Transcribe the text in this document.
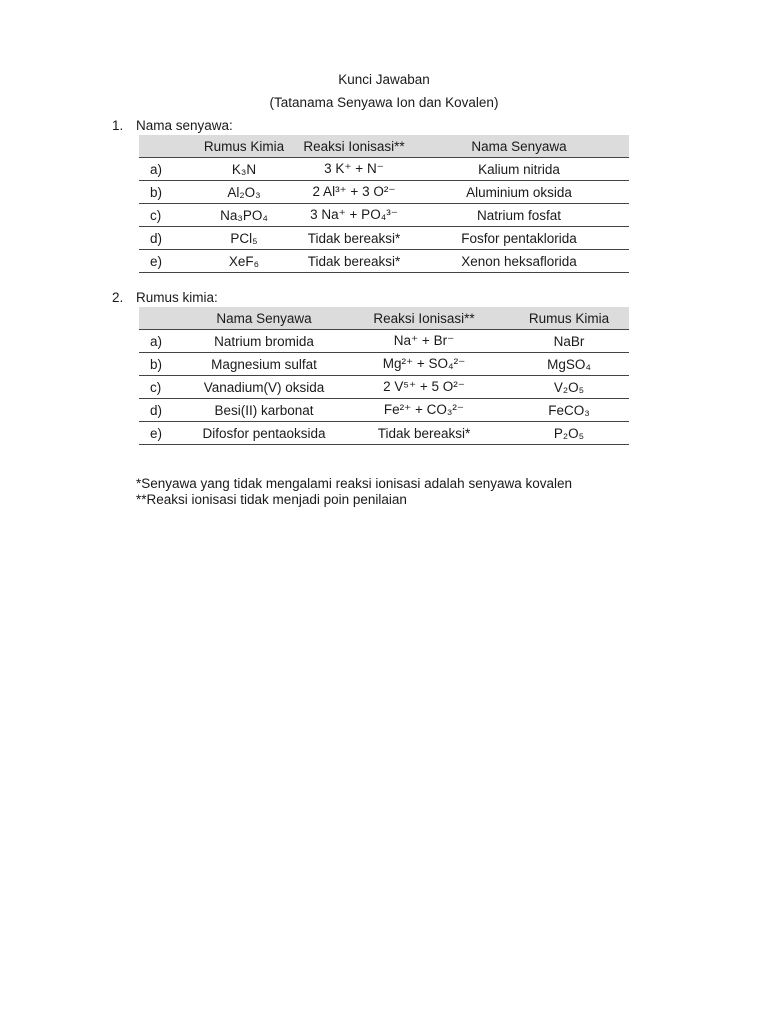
Kunci Jawaban
(Tatanama Senyawa Ion dan Kovalen)
1. Nama senyawa:
	Rumus Kimia	Reaksi Ionisasi**	Nama Senyawa
a)	K₃N	3 K⁺ + N⁻	Kalium nitrida
b)	Al₂O₃	2 Al³⁺ + 3 O²⁻	Aluminium oksida
c)	Na₃PO₄	3 Na⁺ + PO₄³⁻	Natrium fosfat
d)	PCl₅	Tidak bereaksi*	Fosfor pentaklorida
e)	XeF₆	Tidak bereaksi*	Xenon heksaflorida
2. Rumus kimia:
	Nama Senyawa	Reaksi Ionisasi**	Rumus Kimia
a)	Natrium bromida	Na⁺ + Br⁻	NaBr
b)	Magnesium sulfat	Mg²⁺ + SO₄²⁻	MgSO₄
c)	Vanadium(V) oksida	2 V⁵⁺ + 5 O²⁻	V₂O₅
d)	Besi(II) karbonat	Fe²⁺ + CO₃²⁻	FeCO₃
e)	Difosfor pentaoksida	Tidak bereaksi*	P₂O₅
*Senyawa yang tidak mengalami reaksi ionisasi adalah senyawa kovalen
**Reaksi ionisasi tidak menjadi poin penilaian
